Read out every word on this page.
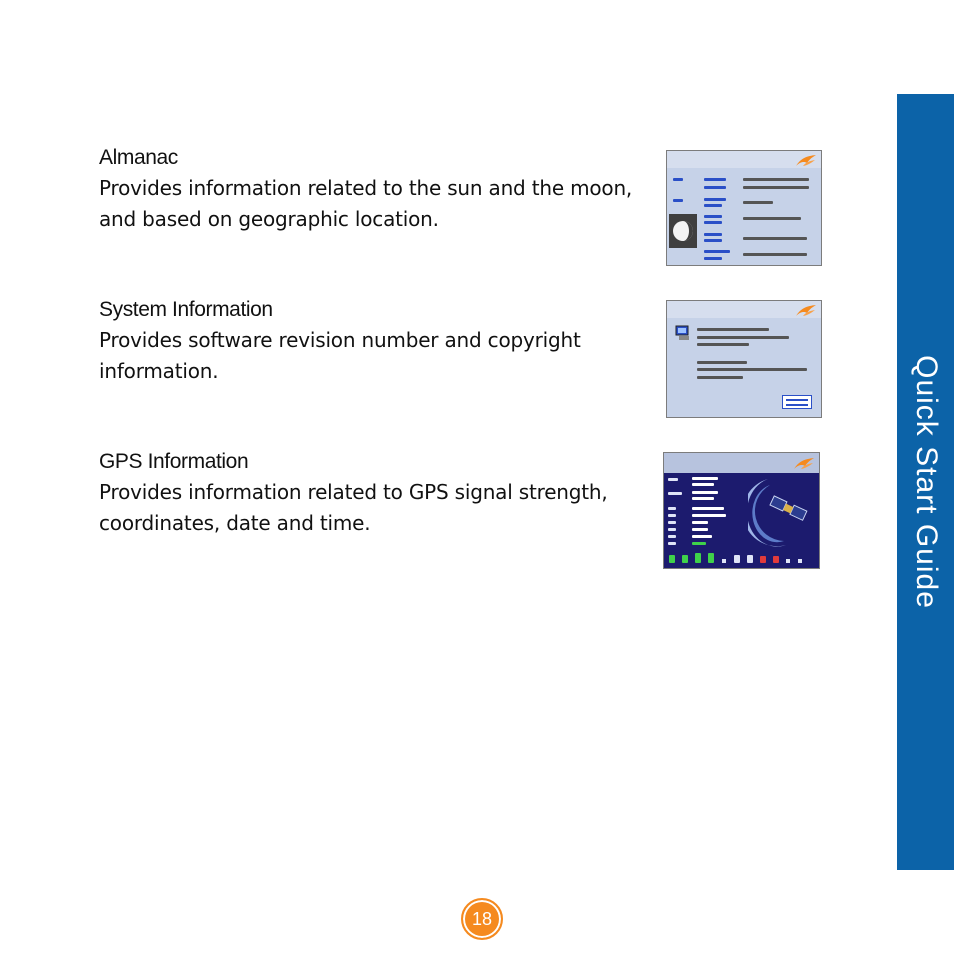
Almanac

Provides information related to the sun and the moon, and based on geographic location.

System Information

Provides software revision number and copyright information.

GPS Information

Provides information related to GPS signal strength, coordinates, date and time.	Quick Start Guide
18
